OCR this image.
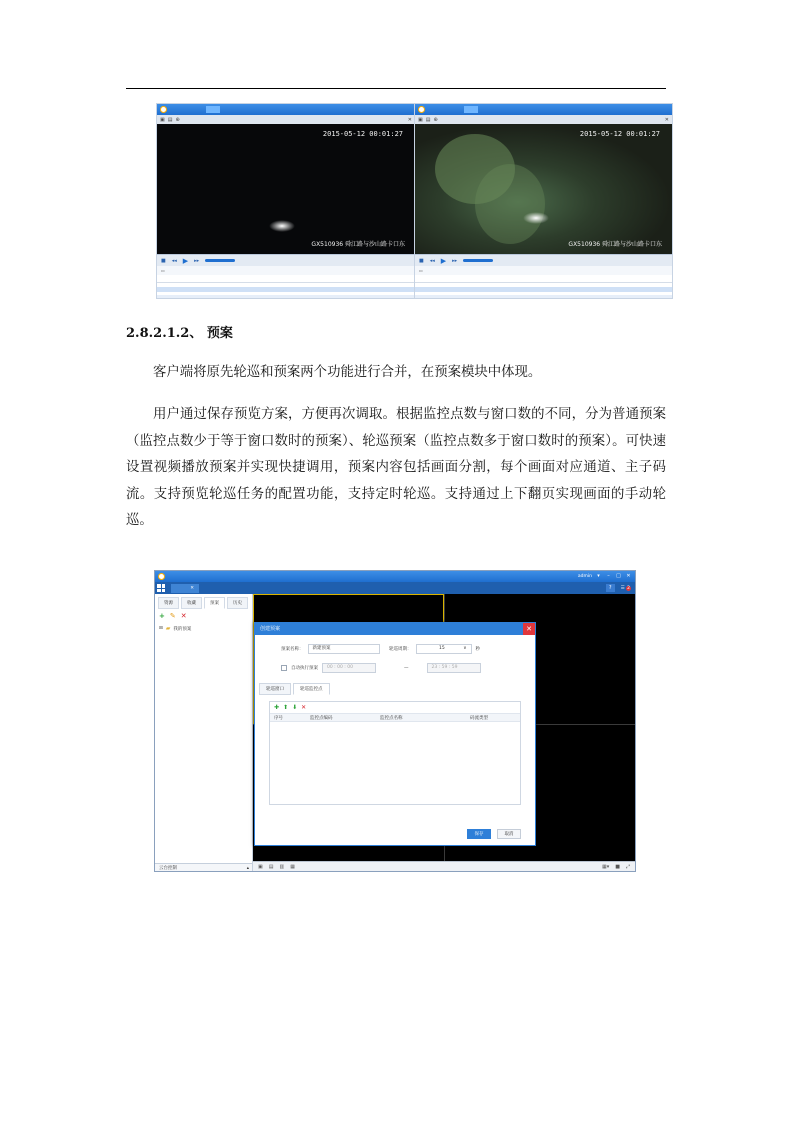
▣ ▤ ⊕	✕
2015-05-12 00:01:27
GX510936 舜江路与沙山路卡口东
■ ◂◂ ▶ ▸▸
▭

▣ ▤ ⊕	✕
2015-05-12 00:01:27
GX510936 舜江路与沙山路卡口东
■ ◂◂ ▶ ▸▸
▭
2.8.2.1.2、 预案

客户端将原先轮巡和预案两个功能进行合并，在预案模块中体现。

用户通过保存预览方案，方便再次调取。根据监控点数与窗口数的不同，分为普通预案（监控点数少于等于窗口数时的预案）、轮巡预案（监控点数多于窗口数时的预案）。可快速设置视频播放预案并实现快捷调用，预案内容包括画面分割，每个画面对应通道、主子码流。支持预览轮巡任务的配置功能，支持定时轮巡。支持通过上下翻页实现画面的手动轮巡。

admin	▾	–	□ ✕
✕	?	☰ 2
资源	收藏	预案	历史
+ ✎ ✕
⊟ ▰ 我的预案
云台控制	▴	▣ ▤ ▥ ▦	▦▾ ■ ⤢
创建预案	✕
预案名称：	新建预案	轮巡周期：	15	∨ 秒
自动执行预案	00 : 00 : 00	—	23 : 59 : 59
轮巡窗口	轮巡监控点
✚ ⬆ ⬇ ✕
序号	监控点编码	监控点名称	码流类型
保存	取消
